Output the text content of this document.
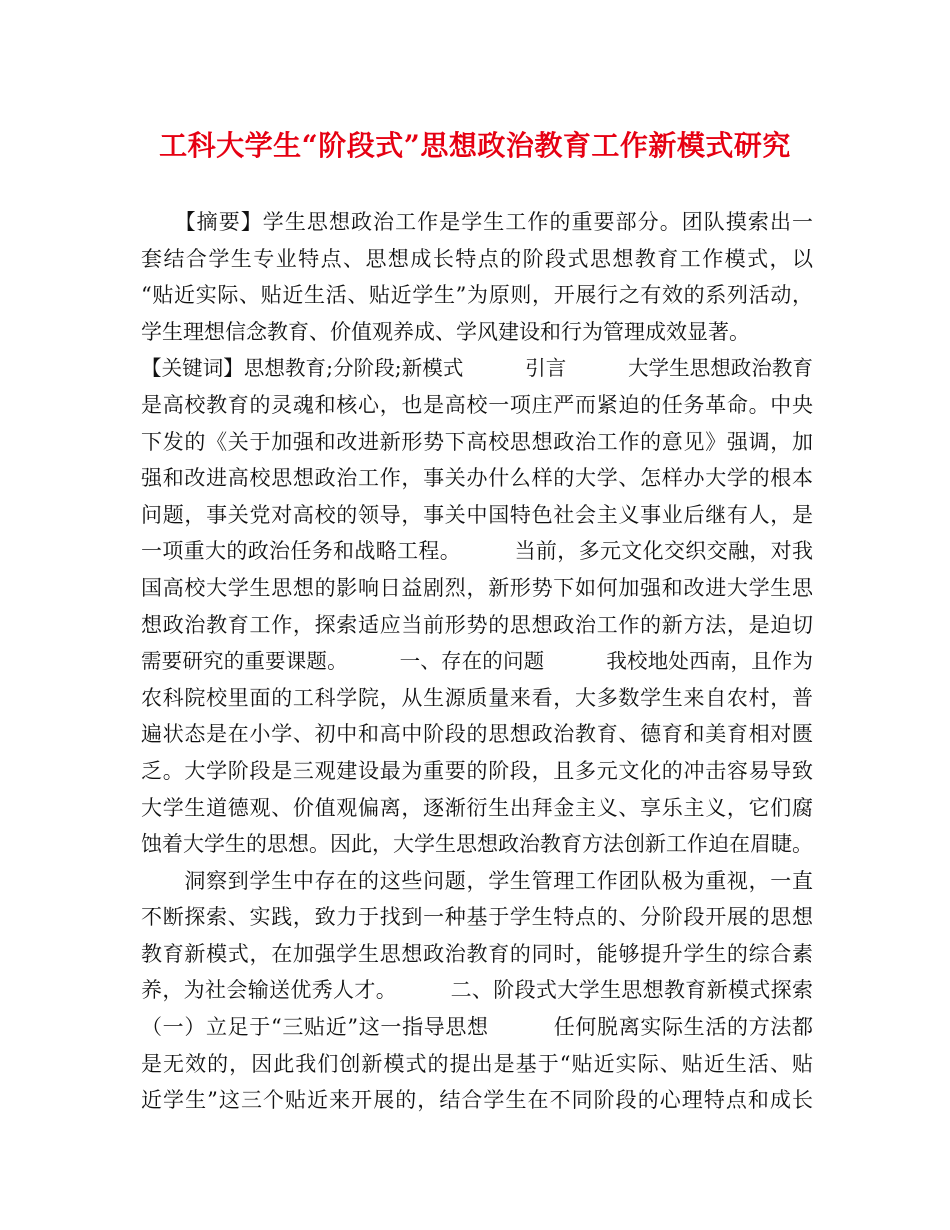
工科大学生“阶段式”思想政治教育工作新模式研究
　　【摘要】学生思想政治工作是学生工作的重要部分。团队摸索出一
套结合学生专业特点、思想成长特点的阶段式思想教育工作模式，以
“贴近实际、贴近生活、贴近学生”为原则，开展行之有效的系列活动，
学生理想信念教育、价值观养成、学风建设和行为管理成效显著。
【关键词】思想教育;分阶段;新模式　　　引言　　　大学生思想政治教育
是高校教育的灵魂和核心，也是高校一项庄严而紧迫的任务革命。中央
下发的《关于加强和改进新形势下高校思想政治工作的意见》强调，加
强和改进高校思想政治工作，事关办什么样的大学、怎样办大学的根本
问题，事关党对高校的领导，事关中国特色社会主义事业后继有人，是
一项重大的政治任务和战略工程。　　　当前，多元文化交织交融，对我
国高校大学生思想的影响日益剧烈，新形势下如何加强和改进大学生思
想政治教育工作，探索适应当前形势的思想政治工作的新方法，是迫切
需要研究的重要课题。　　　一、存在的问题　　　我校地处西南，且作为
农科院校里面的工科学院，从生源质量来看，大多数学生来自农村，普
遍状态是在小学、初中和高中阶段的思想政治教育、德育和美育相对匮
乏。大学阶段是三观建设最为重要的阶段，且多元文化的冲击容易导致
大学生道德观、价值观偏离，逐渐衍生出拜金主义、享乐主义，它们腐
蚀着大学生的思想。因此，大学生思想政治教育方法创新工作迫在眉睫。
　　洞察到学生中存在的这些问题，学生管理工作团队极为重视，一直
不断探索、实践，致力于找到一种基于学生特点的、分阶段开展的思想
教育新模式，在加强学生思想政治教育的同时，能够提升学生的综合素
养，为社会输送优秀人才。　　　二、阶段式大学生思想教育新模式探索
（一）立足于“三贴近”这一指导思想　　　任何脱离实际生活的方法都
是无效的，因此我们创新模式的提出是基于“贴近实际、贴近生活、贴
近学生”这三个贴近来开展的，结合学生在不同阶段的心理特点和成长
